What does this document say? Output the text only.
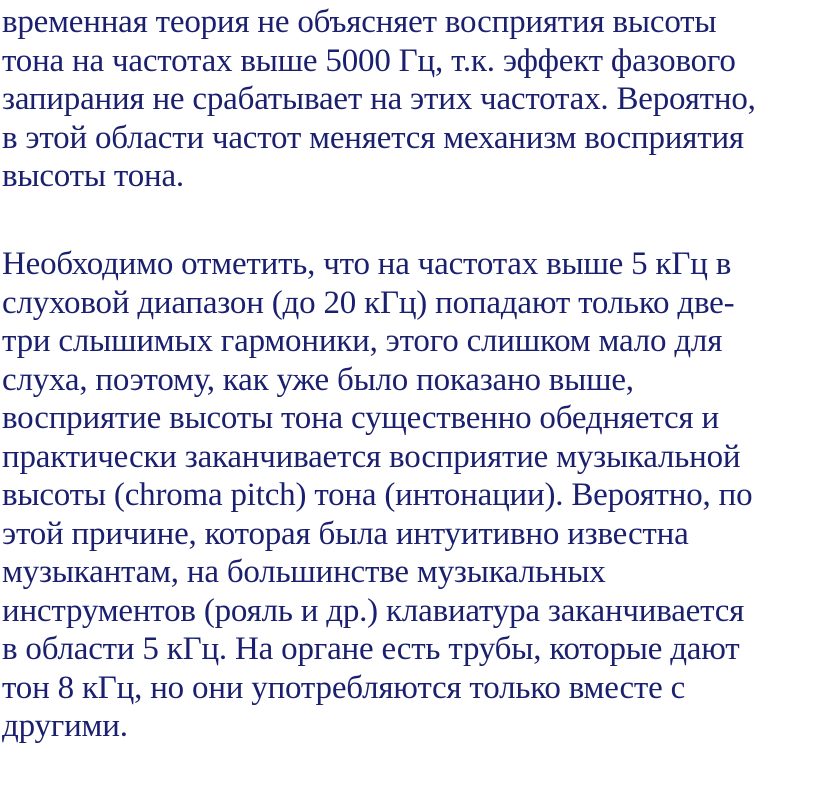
временная теория не объясняет восприятия высоты
тона на частотах выше 5000 Гц, т.к. эффект фазового
запирания не срабатывает на этих частотах. Вероятно,
в этой области частот меняется механизм восприятия
высоты тона.

Необходимо отметить, что на частотах выше 5 кГц в
слуховой диапазон (до 20 кГц) попадают только две-
три слышимых гармоники, этого слишком мало для
слуха, поэтому, как уже было показано выше,
восприятие высоты тона существенно обедняется и
практически заканчивается восприятие музыкальной
высоты (chroma pitch) тона (интонации). Вероятно, по
этой причине, которая была интуитивно известна
музыкантам, на большинстве музыкальных
инструментов (рояль и др.) клавиатура заканчивается
в области 5 кГц. На органе есть трубы, которые дают
тон 8 кГц, но они употребляются только вместе с
другими.
